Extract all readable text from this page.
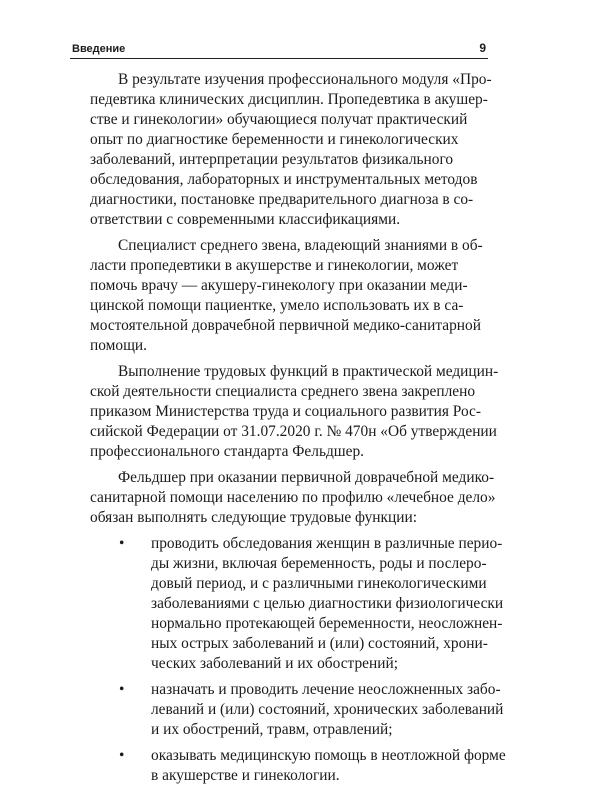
Введение	9

В результате изучения профессионального модуля «Про-
педевтика клинических дисциплин. Пропедевтика в акушер-
стве и гинекологии» обучающиеся получат практический
опыт по диагностике беременности и гинекологических
заболеваний, интерпретации результатов физикального
обследования, лабораторных и инструментальных методов
диагностики, постановке предварительного диагноза в со-
ответствии с современными классификациями.

Специалист среднего звена, владеющий знаниями в об-
ласти пропедевтики в акушерстве и гинекологии, может
помочь врачу — акушеру-гинекологу при оказании меди-
цинской помощи пациентке, умело использовать их в са-
мостоятельной доврачебной первичной медико-санитарной
помощи.

Выполнение трудовых функций в практической медицин-
ской деятельности специалиста среднего звена закреплено
приказом Министерства труда и социального развития Рос-
сийской Федерации от 31.07.2020 г. № 470н «Об утверждении
профессионального стандарта Фельдшер.

Фельдшер при оказании первичной доврачебной медико-
санитарной помощи населению по профилю «лечебное дело»
обязан выполнять следующие трудовые функции:

• проводить обследования женщин в различные перио-
ды жизни, включая беременность, роды и послеро-
довый период, и с различными гинекологическими
заболеваниями с целью диагностики физиологически
нормально протекающей беременности, неосложнен-
ных острых заболеваний и (или) состояний, хрони-
ческих заболеваний и их обострений;
• назначать и проводить лечение неосложненных забо-
леваний и (или) состояний, хронических заболеваний
и их обострений, травм, отравлений;
• оказывать медицинскую помощь в неотложной форме
в акушерстве и гинекологии.
